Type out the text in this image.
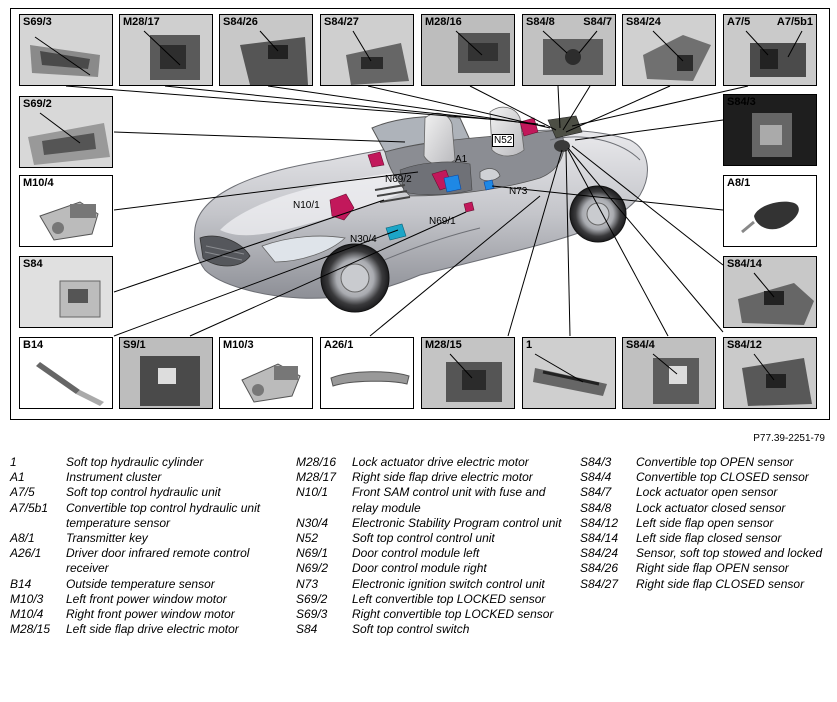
N52
A1
N69/2
N73
N10/1
N69/1
N30/4
S69/3	M28/17	S84/26	S84/27	M28/16	S84/8	S84/7 S84/24	A7/5 A7/5b1
S69/2
M10/4
S84
S84/3
A8/1
S84/14
B14	S9/1	M10/3	A26/1	M28/15	1	S84/4	S84/12
P77.39-2251-79
1	Soft top hydraulic cylinder
A1	Instrument cluster
A7/5	Soft top control hydraulic unit
A7/5b1	Convertible top control hydraulic unit temperature sensor
A8/1	Transmitter key
A26/1	Driver door infrared remote control receiver
B14	Outside temperature sensor
M10/3	Left front power window motor
M10/4	Right front power window motor
M28/15	Left side flap drive electric motor
M28/16	Lock actuator drive electric motor
M28/17	Right side flap drive electric motor
N10/1	Front SAM control unit with fuse and relay module
N30/4	Electronic Stability Program control unit
N52	Soft top control control unit
N69/1	Door control module left
N69/2	Door control module right
N73	Electronic ignition switch control unit
S69/2	Left convertible top LOCKED sensor
S69/3	Right convertible top LOCKED sensor
S84	Soft top control switch
S84/3	Convertible top OPEN sensor
S84/4	Convertible top CLOSED sensor
S84/7	Lock actuator open sensor
S84/8	Lock actuator closed sensor
S84/12	Left side flap open sensor
S84/14	Left side flap closed sensor
S84/24	Sensor, soft top stowed and locked
S84/26	Right side flap OPEN sensor
S84/27	Right side flap CLOSED sensor
